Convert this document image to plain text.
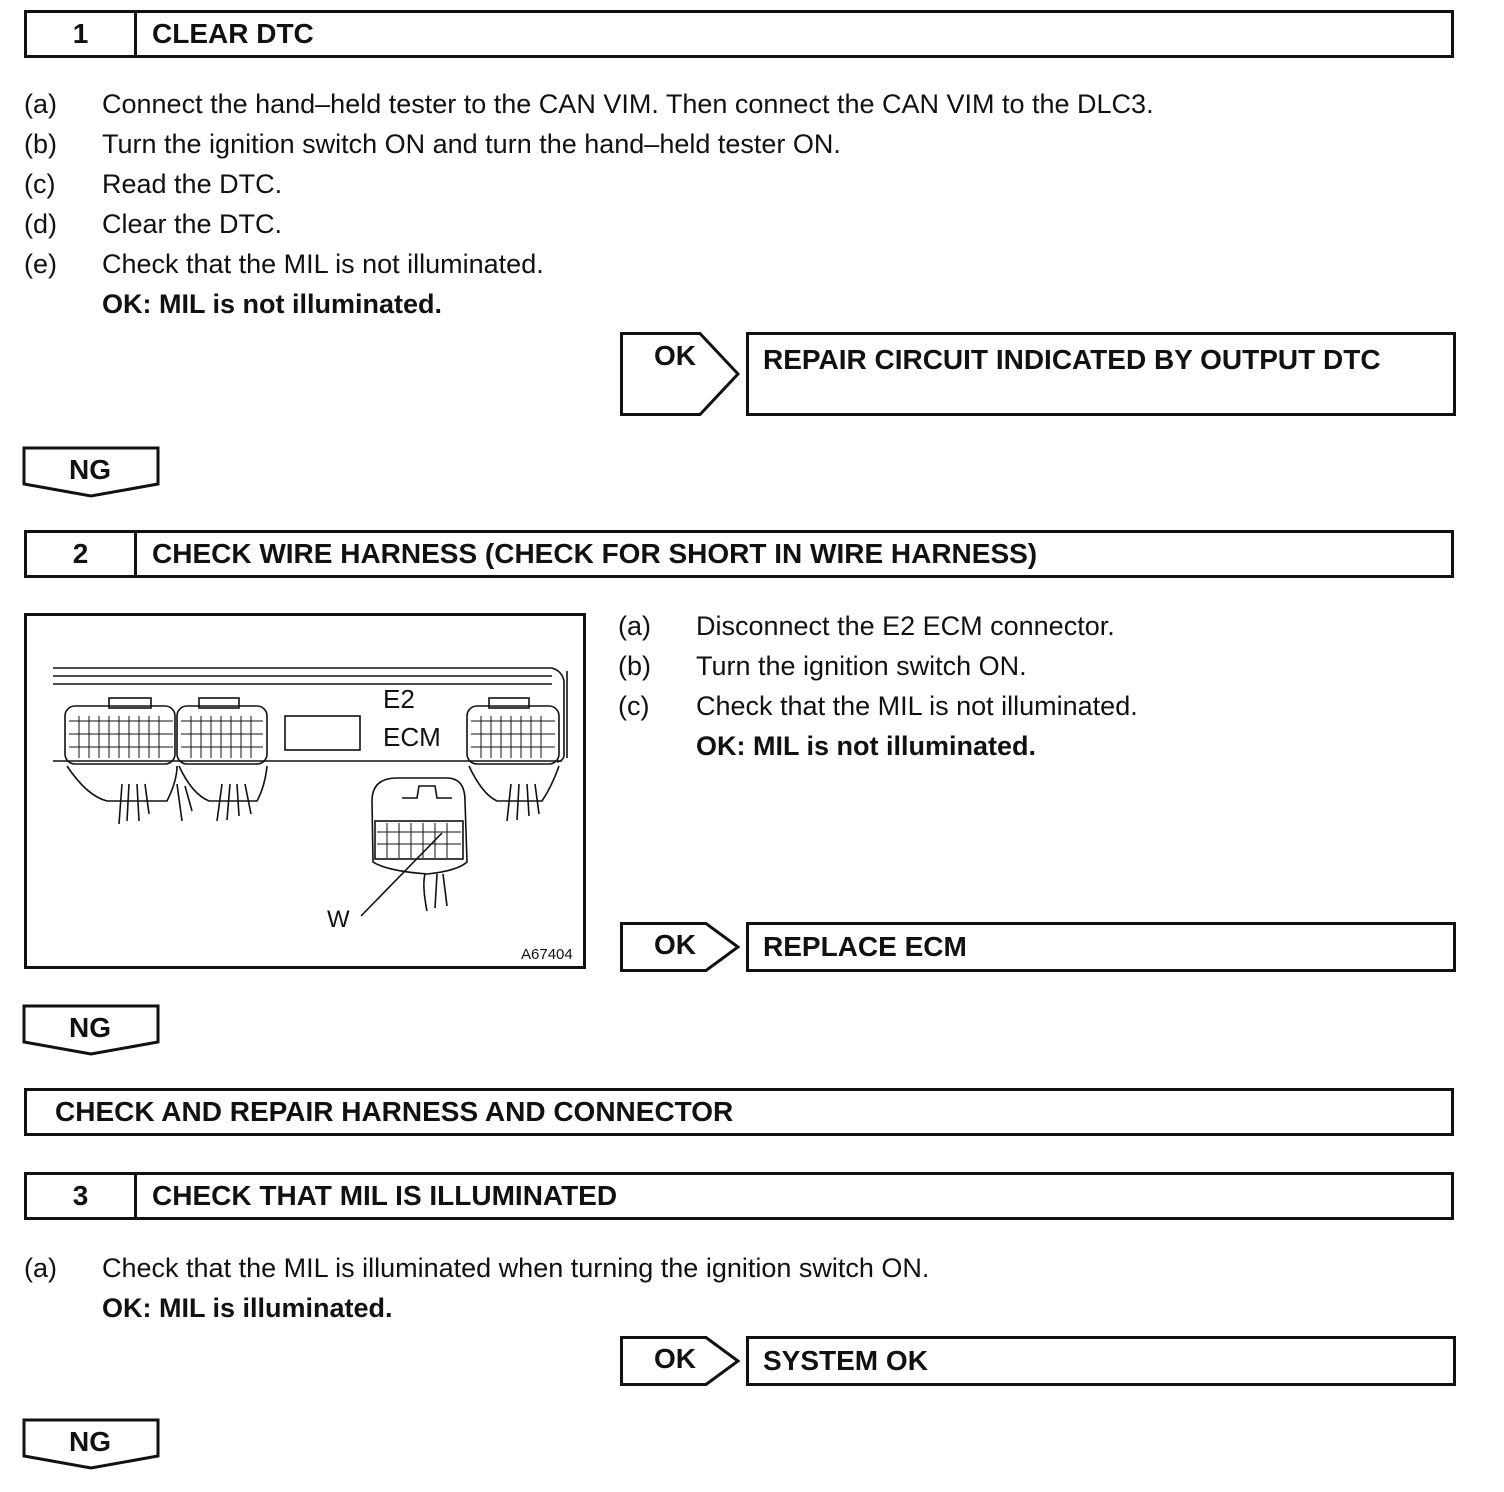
1	CLEAR DTC
(a) Connect the hand–held tester to the CAN VIM. Then connect the CAN VIM to the DLC3.
(b) Turn the ignition switch ON and turn the hand–held tester ON.
(c) Read the DTC.
(d) Clear the DTC.
(e) Check that the MIL is not illuminated.
OK: MIL is not illuminated.
OK	REPAIR CIRCUIT INDICATED BY OUTPUT DTC
NG
2	CHECK WIRE HARNESS (CHECK FOR SHORT IN WIRE HARNESS)
E2
ECM
W
A67404
(a) Disconnect the E2 ECM connector.
(b) Turn the ignition switch ON.
(c) Check that the MIL is not illuminated.
OK: MIL is not illuminated.
OK	REPLACE ECM
NG
CHECK AND REPAIR HARNESS AND CONNECTOR
3	CHECK THAT MIL IS ILLUMINATED
(a) Check that the MIL is illuminated when turning the ignition switch ON.
OK: MIL is illuminated.
OK	SYSTEM OK
NG
